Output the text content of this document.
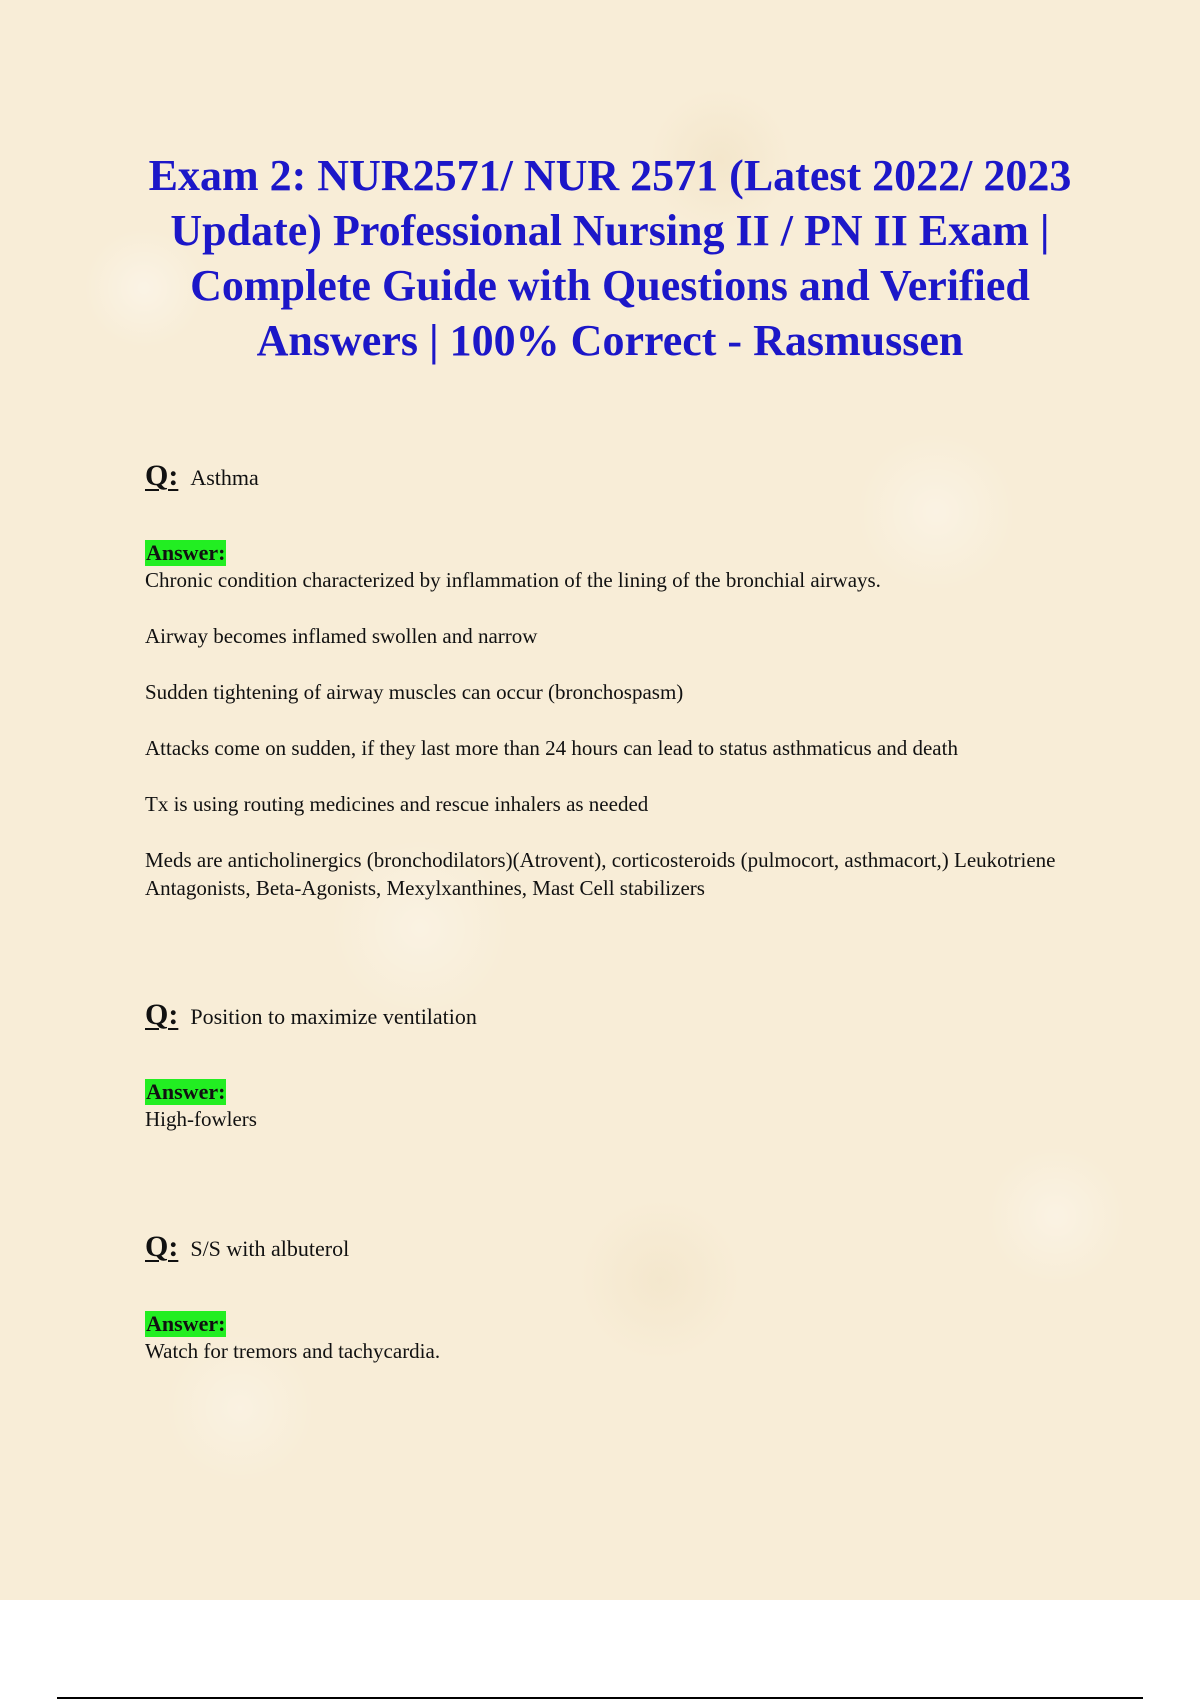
Exam 2: NUR2571/ NUR 2571 (Latest 2022/ 2023 Update) Professional Nursing II / PN II Exam | Complete Guide with Questions and Verified Answers | 100% Correct - Rasmussen

Q: Asthma

Answer:

Chronic condition characterized by inflammation of the lining of the bronchial airways.

Airway becomes inflamed swollen and narrow

Sudden tightening of airway muscles can occur (bronchospasm)

Attacks come on sudden, if they last more than 24 hours can lead to status asthmaticus and death

Tx is using routing medicines and rescue inhalers as needed

Meds are anticholinergics (bronchodilators)(Atrovent), corticosteroids (pulmocort, asthmacort,) Leukotriene Antagonists, Beta-Agonists, Mexylxanthines, Mast Cell stabilizers

Q: Position to maximize ventilation

Answer:

High-fowlers

Q: S/S with albuterol

Answer:

Watch for tremors and tachycardia.
